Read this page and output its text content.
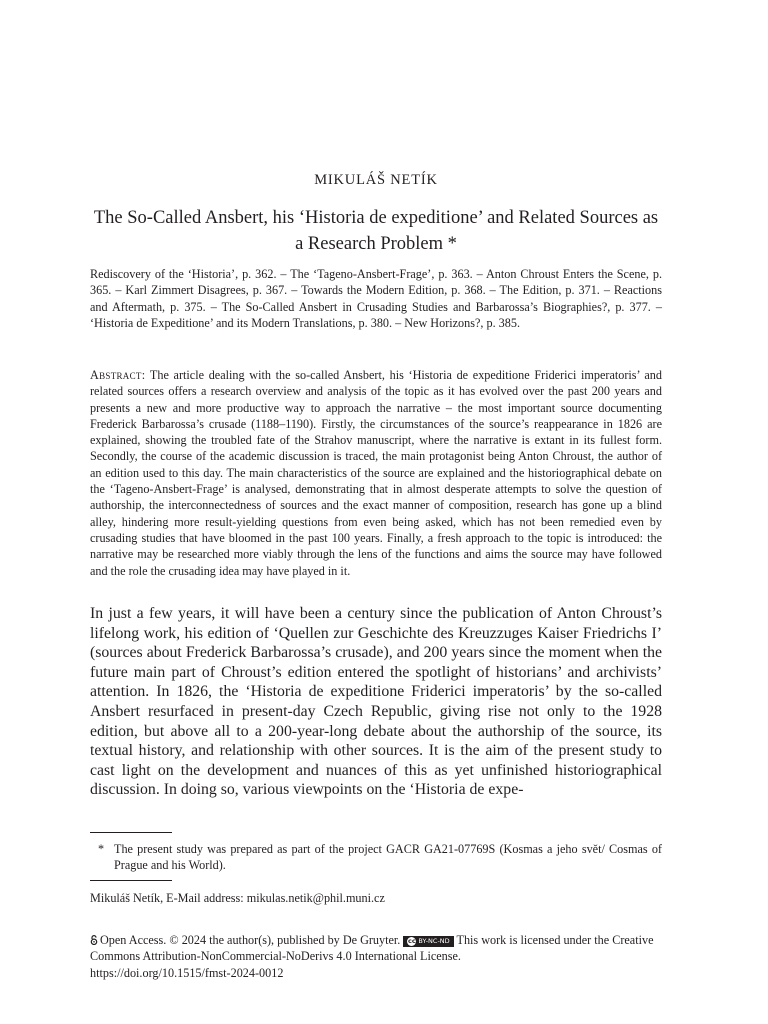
MIKULÁŠ NETÍK
The So-Called Ansbert, his ‘Historia de expeditione’ and Related Sources as a Research Problem *
Rediscovery of the ‘Historia’, p. 362. – The ‘Tageno-Ansbert-Frage’, p. 363. – Anton Chroust Enters the Scene, p. 365. – Karl Zimmert Disagrees, p. 367. – Towards the Modern Edition, p. 368. – The Edition, p. 371. – Reactions and Aftermath, p. 375. – The So-Called Ansbert in Crusading Studies and Barbarossa’s Biographies?, p. 377. – ‘Historia de Expeditione’ and its Modern Translations, p. 380. – New Horizons?, p. 385.
Abstract: The article dealing with the so-called Ansbert, his ‘Historia de expeditione Friderici imperatoris’ and related sources offers a research overview and analysis of the topic as it has evolved over the past 200 years and presents a new and more productive way to approach the narrative – the most important source documenting Frederick Barbarossa’s crusade (1188–1190). Firstly, the circumstances of the source’s reappearance in 1826 are explained, showing the troubled fate of the Strahov manuscript, where the narrative is extant in its fullest form. Secondly, the course of the academic discussion is traced, the main protagonist being Anton Chroust, the author of an edition used to this day. The main characteristics of the source are explained and the historiographical debate on the ‘Tageno-Ansbert-Frage’ is analysed, demonstrating that in almost desperate attempts to solve the question of authorship, the interconnectedness of sources and the exact manner of composition, research has gone up a blind alley, hindering more result-yielding questions from even being asked, which has not been remedied even by crusading studies that have bloomed in the past 100 years. Finally, a fresh approach to the topic is introduced: the narrative may be researched more viably through the lens of the functions and aims the source may have followed and the role the crusading idea may have played in it.
In just a few years, it will have been a century since the publication of Anton Chroust’s lifelong work, his edition of ‘Quellen zur Geschichte des Kreuzzuges Kaiser Friedrichs I’ (sources about Frederick Barbarossa’s crusade), and 200 years since the moment when the future main part of Chroust’s edition entered the spotlight of historians’ and archivists’ attention. In 1826, the ‘Historia de expeditione Friderici imperatoris’ by the so-called Ansbert resurfaced in present-day Czech Republic, giving rise not only to the 1928 edition, but above all to a 200-year-long debate about the authorship of the source, its textual history, and relationship with other sources. It is the aim of the present study to cast light on the development and nuances of this as yet unfinished historiographical discussion. In doing so, various viewpoints on the ‘Historia de expe-
* The present study was prepared as part of the project GACR GA21-07769S (Kosmas a jeho svět/ Cosmas of Prague and his World).
Mikuláš Netík, E-Mail address: mikulas.netik@phil.muni.cz
Open Access. © 2024 the author(s), published by De Gruyter. cc BY-NC-ND This work is licensed under the Creative Commons Attribution-NonCommercial-NoDerivs 4.0 International License.
https://doi.org/10.1515/fmst-2024-0012
